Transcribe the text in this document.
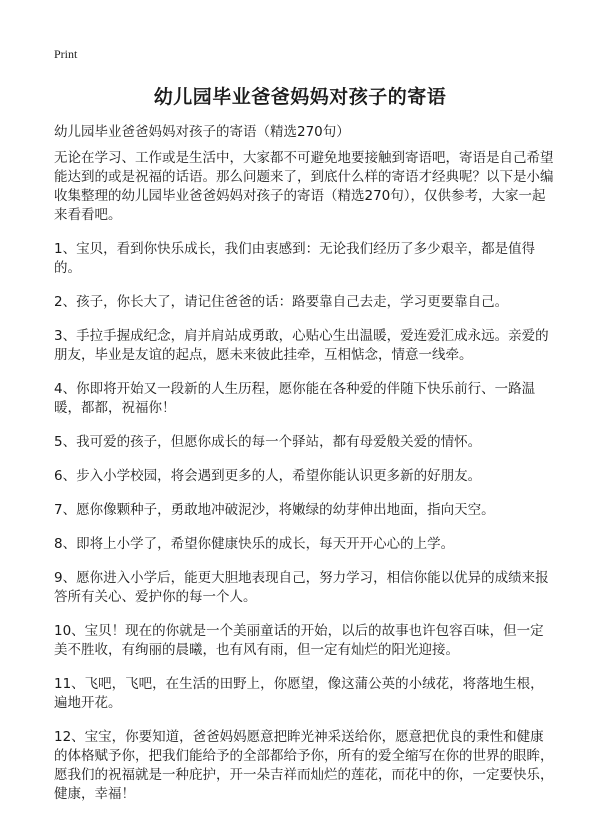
Print
幼儿园毕业爸爸妈妈对孩子的寄语
幼儿园毕业爸爸妈妈对孩子的寄语（精选270句）

无论在学习、工作或是生活中，大家都不可避免地要接触到寄语吧，寄语是自己希望能达到的或是祝福的话语。那么问题来了，到底什么样的寄语才经典呢？以下是小编收集整理的幼儿园毕业爸爸妈妈对孩子的寄语（精选270句），仅供参考，大家一起来看看吧。

1、宝贝，看到你快乐成长，我们由衷感到：无论我们经历了多少艰辛，都是值得的。

2、孩子，你长大了，请记住爸爸的话：路要靠自己去走，学习更要靠自己。

3、手拉手握成纪念，肩并肩站成勇敢，心贴心生出温暖，爱连爱汇成永远。亲爱的朋友，毕业是友谊的起点，愿未来彼此挂牵，互相惦念，情意一线牵。

4、你即将开始又一段新的人生历程，愿你能在各种爱的伴随下快乐前行、一路温暖，都都，祝福你！

5、我可爱的孩子，但愿你成长的每一个驿站，都有母爱般关爱的情怀。

6、步入小学校园，将会遇到更多的人，希望你能认识更多新的好朋友。

7、愿你像颗种子，勇敢地冲破泥沙，将嫩绿的幼芽伸出地面，指向天空。

8、即将上小学了，希望你健康快乐的成长，每天开开心心的上学。

9、愿你进入小学后，能更大胆地表现自己，努力学习，相信你能以优异的成绩来报答所有关心、爱护你的每一个人。

10、宝贝！现在的你就是一个美丽童话的开始，以后的故事也许包容百味，但一定美不胜收，有绚丽的晨曦，也有风有雨，但一定有灿烂的阳光迎接。

11、飞吧，飞吧，在生活的田野上，你愿望，像这蒲公英的小绒花，将落地生根，遍地开花。

12、宝宝，你要知道，爸爸妈妈愿意把眸光神采送给你，愿意把优良的秉性和健康的体格赋予你，把我们能给予的全部都给予你，所有的爱全缩写在你的世界的眼眸，愿我们的祝福就是一种庇护，开一朵吉祥而灿烂的莲花，而花中的你，一定要快乐，健康，幸福！
